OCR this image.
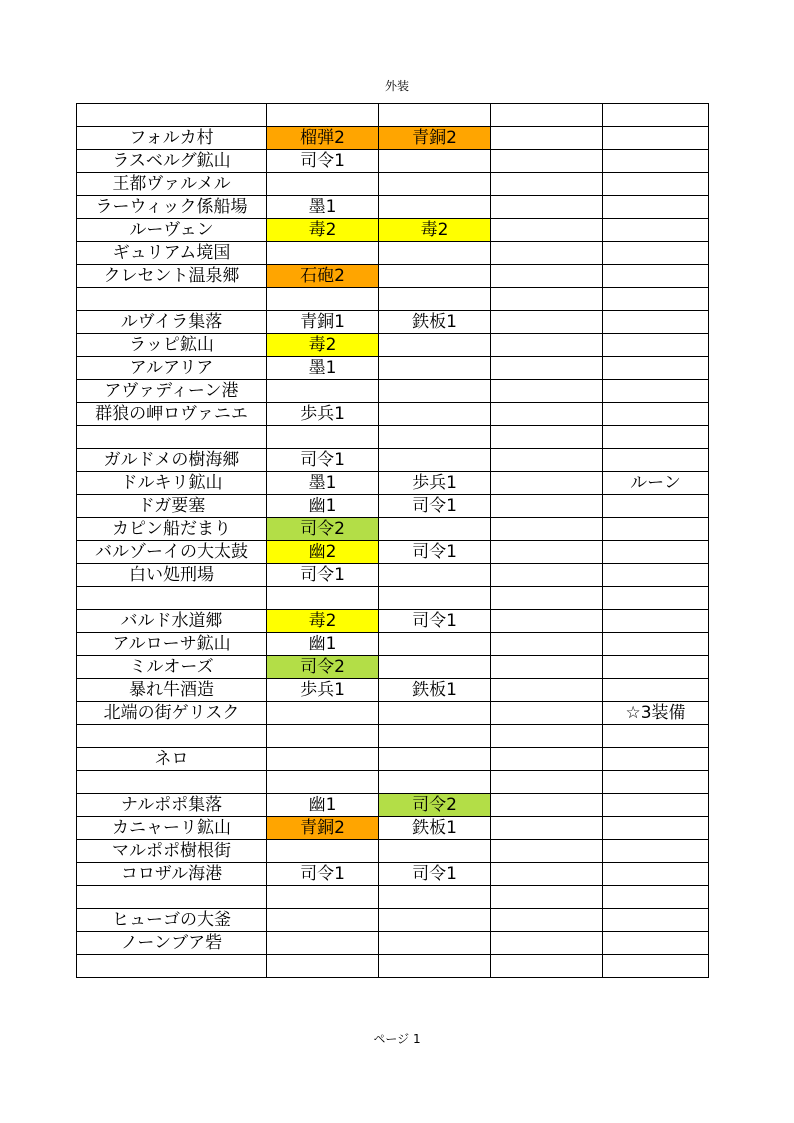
外装

フォルカ村	榴弾2	青銅2		
ラスベルグ鉱山	司令1			
王都ヴァルメル				
ラーウィック係船場	墨1			
ルーヴェン	毒2	毒2		
ギュリアム境国				
クレセント温泉郷	石砲2			

ルヴイラ集落	青銅1	鉄板1		
ラッピ鉱山	毒2			
アルアリア	墨1			
アヴァディーン港				
群狼の岬ロヴァニエ	歩兵1			

ガルドメの樹海郷	司令1			
ドルキリ鉱山	墨1	歩兵1		ルーン
ドガ要塞	幽1	司令1		
カピン船だまり	司令2			
バルゾーイの大太鼓	幽2	司令1		
白い処刑場	司令1			

バルド水道郷	毒2	司令1		
アルローサ鉱山	幽1			
ミルオーズ	司令2			
暴れ牛酒造	歩兵1	鉄板1		
北端の街ゲリスク				☆3装備

ネロ				

ナルポポ集落	幽1	司令2		
カニャーリ鉱山	青銅2	鉄板1		
マルポポ樹根街				
コロザル海港	司令1	司令1		

ヒューゴの大釜				
ノーンブア砦				

ページ 1
